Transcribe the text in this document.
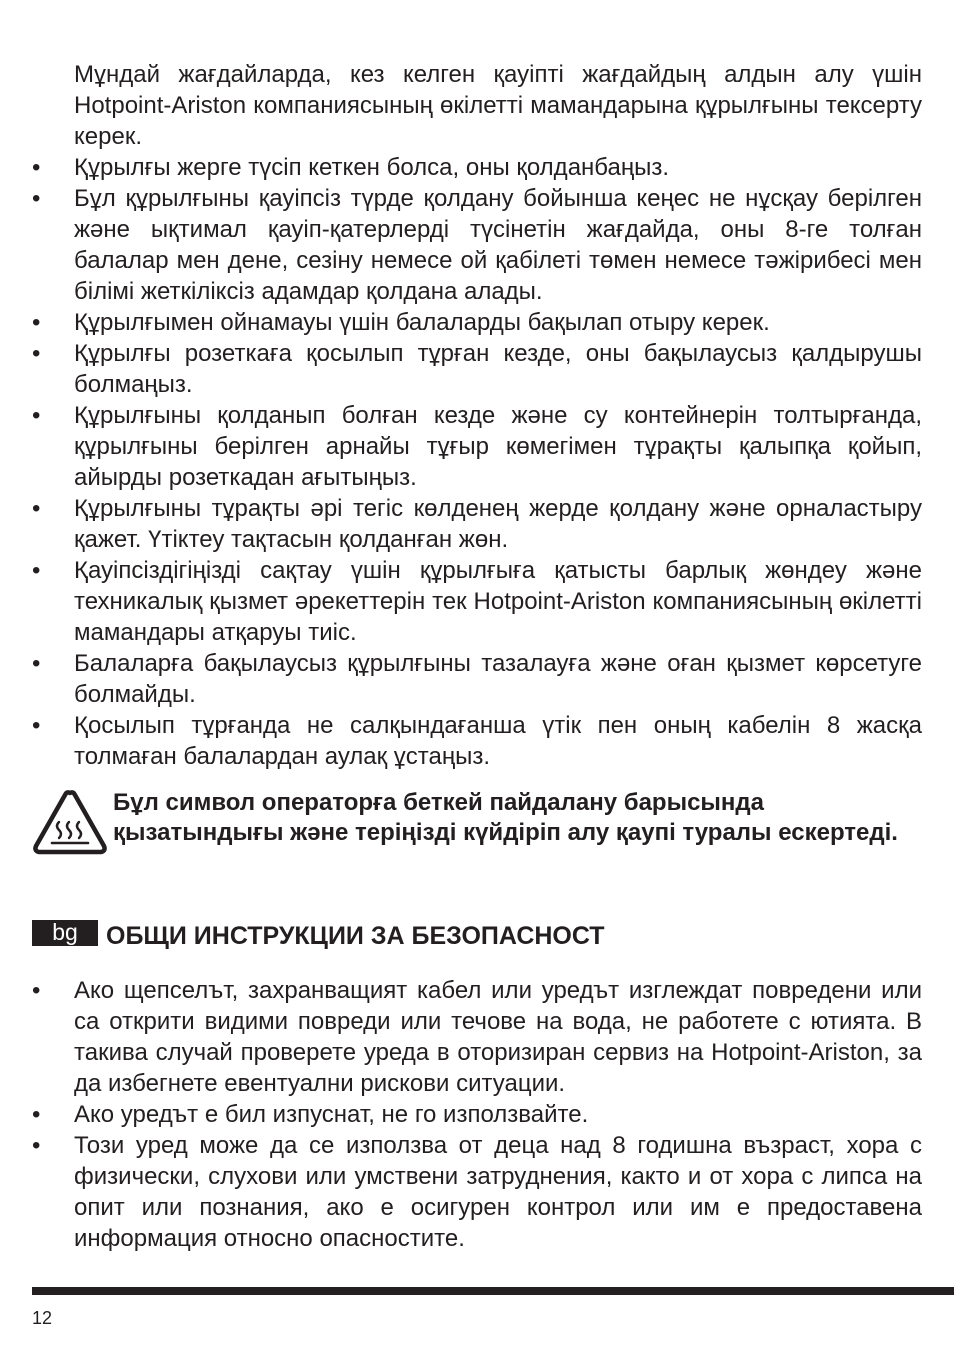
Мұндай жағдайларда, кез келген қауіпті жағдайдың алдын алу үшін Hotpoint-Ariston компаниясының өкілетті мамандарына құрылғыны тексерту керек.

•	Құрылғы жерге түсіп кеткен болса, оны қолданбаңыз.
•	Бұл құрылғыны қауіпсіз түрде қолдану бойынша кеңес не нұсқау берілген және ықтимал қауіп-қатерлерді түсінетін жағдайда, оны 8-ге толған балалар мен дене, сезіну немесе ой қабілеті төмен немесе тәжірибесі мен білімі жеткіліксіз адамдар қолдана алады.
•	Құрылғымен ойнамауы үшін балаларды бақылап отыру керек.
•	Құрылғы розеткаға қосылып тұрған кезде, оны бақылаусыз қалдырушы болмаңыз.
•	Құрылғыны қолданып болған кезде және су контейнерін толтырғанда, құрылғыны берілген арнайы тұғыр көмегімен тұрақты қалыпқа қойып, айырды розеткадан ағытыңыз.
•	Құрылғыны тұрақты әрі тегіс көлденең жерде қолдану және орналастыру қажет. Үтіктеу тақтасын қолданған жөн.
•	Қауіпсіздігіңізді сақтау үшін құрылғыға қатысты барлық жөндеу және техникалық қызмет әрекеттерін тек Hotpoint-Ariston компаниясының өкілетті мамандары атқаруы тиіс.
•	Балаларға бақылаусыз құрылғыны тазалауға және оған қызмет көрсетуге болмайды.
•	Қосылып тұрғанда не салқындағанша үтік пен оның кабелін 8 жасқа толмаған балалардан аулақ ұстаңыз.

Бұл символ операторға беткей пайдалану барысында қызатындығы және теріңізді күйдіріп алу қаупі туралы ескертеді.

bg	ОБЩИ ИНСТРУКЦИИ ЗА БЕЗОПАСНОСТ
•	Ако щепселът, захранващият кабел или уредът изглеждат повредени или са открити видими повреди или течове на вода, не работете с ютията. В такива случай проверете уреда в оторизиран сервиз на Hotpoint-Ariston, за да избегнете евентуални рискови ситуации.
•	Ако уредът е бил изпуснат, не го използвайте.
•	Този уред може да се използва от деца над 8 годишна възраст, хора с физически, слухови или умствени затруднения, както и от хора с липса на опит или познания, ако е осигурен контрол или им е предоставена информация относно опасностите.
12
